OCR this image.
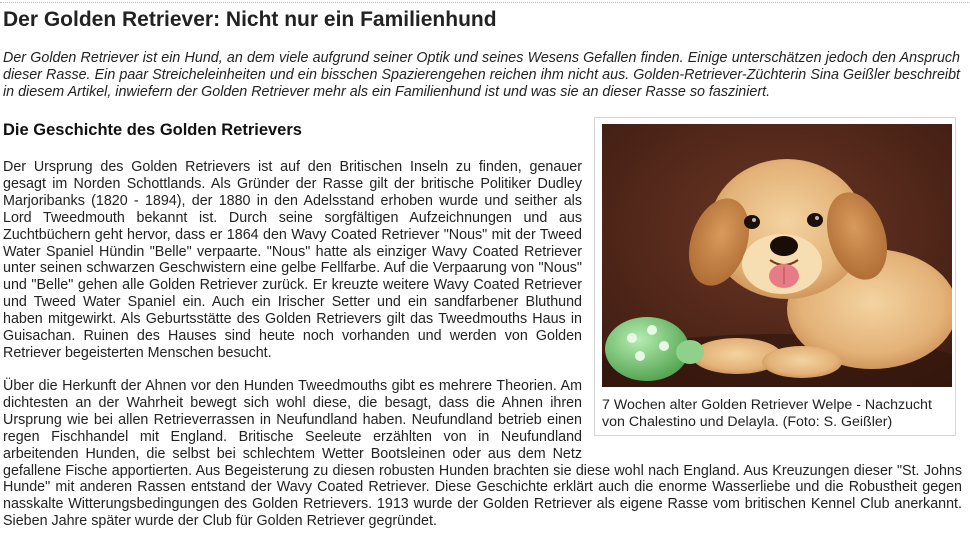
Der Golden Retriever: Nicht nur ein Familienhund

Der Golden Retriever ist ein Hund, an dem viele aufgrund seiner Optik und seines Wesens Gefallen finden. Einige unterschätzen jedoch den Anspruch dieser Rasse. Ein paar Streicheleinheiten und ein bisschen Spazierengehen reichen ihm nicht aus. Golden-Retriever-Züchterin Sina Geißler beschreibt in diesem Artikel, inwiefern der Golden Retriever mehr als ein Familienhund ist und was sie an dieser Rasse so fasziniert.

Die Geschichte des Golden Retrievers

Der Ursprung des Golden Retrievers ist auf den Britischen Inseln zu finden, genauer gesagt im Norden Schottlands. Als Gründer der Rasse gilt der britische Politiker Dudley Marjoribanks (1820 - 1894), der 1880 in den Adelsstand erhoben wurde und seither als Lord Tweedmouth bekannt ist. Durch seine sorgfältigen Aufzeichnungen und aus Zuchtbüchern geht hervor, dass er 1864 den Wavy Coated Retriever "Nous" mit der Tweed Water Spaniel Hündin "Belle" verpaarte. "Nous" hatte als einziger Wavy Coated Retriever unter seinen schwarzen Geschwistern eine gelbe Fellfarbe. Auf die Verpaarung von "Nous" und "Belle" gehen alle Golden Retriever zurück. Er kreuzte weitere Wavy Coated Retriever und Tweed Water Spaniel ein. Auch ein Irischer Setter und ein sandfarbener Bluthund haben mitgewirkt. Als Geburtsstätte des Golden Retrievers gilt das Tweedmouths Haus in Guisachan. Ruinen des Hauses sind heute noch vorhanden und werden von Golden Retriever begeisterten Menschen besucht.

Über die Herkunft der Ahnen vor den Hunden Tweedmouths gibt es mehrere Theorien. Am dichtesten an der Wahrheit bewegt sich wohl diese, die besagt, dass die Ahnen ihren Ursprung wie bei allen Retrieverrassen in Neufundland haben. Neufundland betrieb einen regen Fischhandel mit England. Britische Seeleute erzählten von in Neufundland arbeitenden Hunden, die selbst bei schlechtem Wetter Bootsleinen oder aus dem Netz gefallene Fische apportierten. Aus Begeisterung zu diesen robusten Hunden brachten sie diese wohl nach England. Aus Kreuzungen dieser "St. Johns Hunde" mit anderen Rassen entstand der Wavy Coated Retriever. Diese Geschichte erklärt auch die enorme Wasserliebe und die Robustheit gegen nasskalte Witterungsbedingungen des Golden Retrievers. 1913 wurde der Golden Retriever als eigene Rasse vom britischen Kennel Club anerkannt. Sieben Jahre später wurde der Club für Golden Retriever gegründet.

7 Wochen alter Golden Retriever Welpe - Nachzucht von Chalestino und Delayla. (Foto: S. Geißler)
